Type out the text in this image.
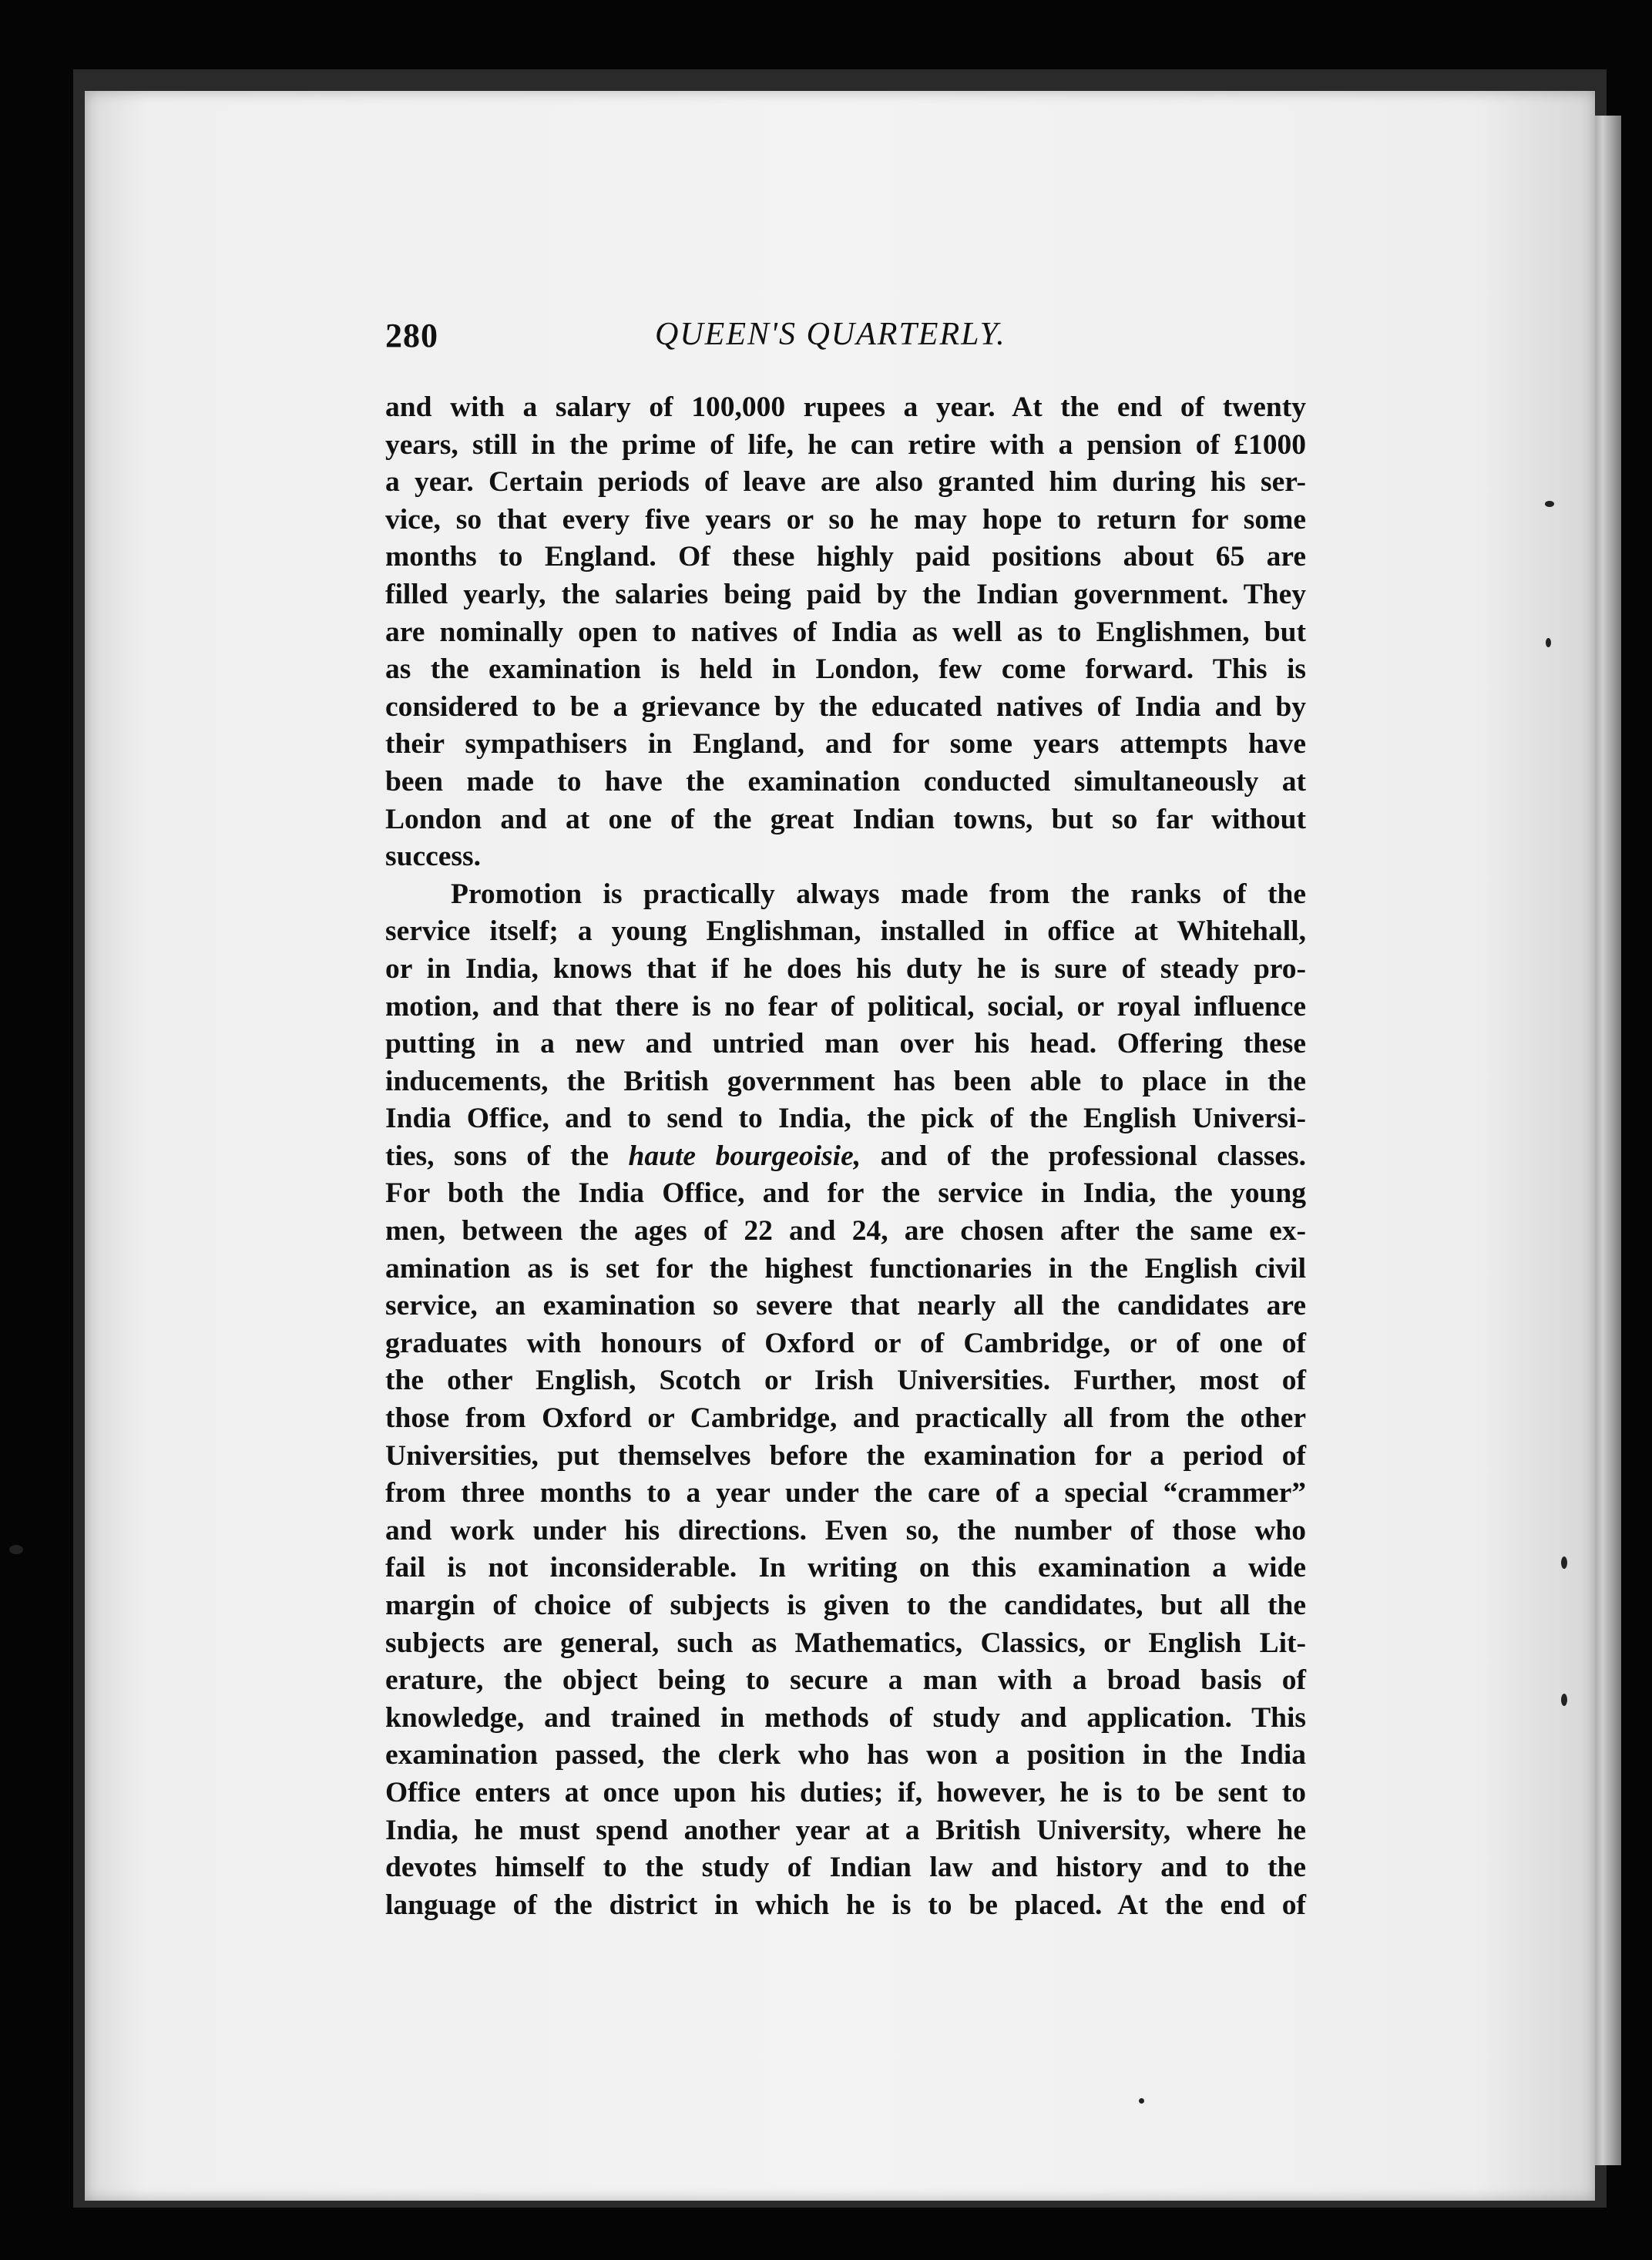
280	QUEEN'S QUARTERLY.
and with a salary of 100,000 rupees a year. At the end of twenty
years, still in the prime of life, he can retire with a pension of £1000
a year. Certain periods of leave are also granted him during his ser-
vice, so that every five years or so he may hope to return for some
months to England. Of these highly paid positions about 65 are
filled yearly, the salaries being paid by the Indian government. They
are nominally open to natives of India as well as to Englishmen, but
as the examination is held in London, few come forward. This is
considered to be a grievance by the educated natives of India and by
their sympathisers in England, and for some years attempts have
been made to have the examination conducted simultaneously at
London and at one of the great Indian towns, but so far without
success.
Promotion is practically always made from the ranks of the
service itself; a young Englishman, installed in office at Whitehall,
or in India, knows that if he does his duty he is sure of steady pro-
motion, and that there is no fear of political, social, or royal influence
putting in a new and untried man over his head. Offering these
inducements, the British government has been able to place in the
India Office, and to send to India, the pick of the English Universi-
ties, sons of the haute bourgeoisie, and of the professional classes.
For both the India Office, and for the service in India, the young
men, between the ages of 22 and 24, are chosen after the same ex-
amination as is set for the highest functionaries in the English civil
service, an examination so severe that nearly all the candidates are
graduates with honours of Oxford or of Cambridge, or of one of
the other English, Scotch or Irish Universities. Further, most of
those from Oxford or Cambridge, and practically all from the other
Universities, put themselves before the examination for a period of
from three months to a year under the care of a special “crammer”
and work under his directions. Even so, the number of those who
fail is not inconsiderable. In writing on this examination a wide
margin of choice of subjects is given to the candidates, but all the
subjects are general, such as Mathematics, Classics, or English Lit-
erature, the object being to secure a man with a broad basis of
knowledge, and trained in methods of study and application. This
examination passed, the clerk who has won a position in the India
Office enters at once upon his duties; if, however, he is to be sent to
India, he must spend another year at a British University, where he
devotes himself to the study of Indian law and history and to the
language of the district in which he is to be placed. At the end of
